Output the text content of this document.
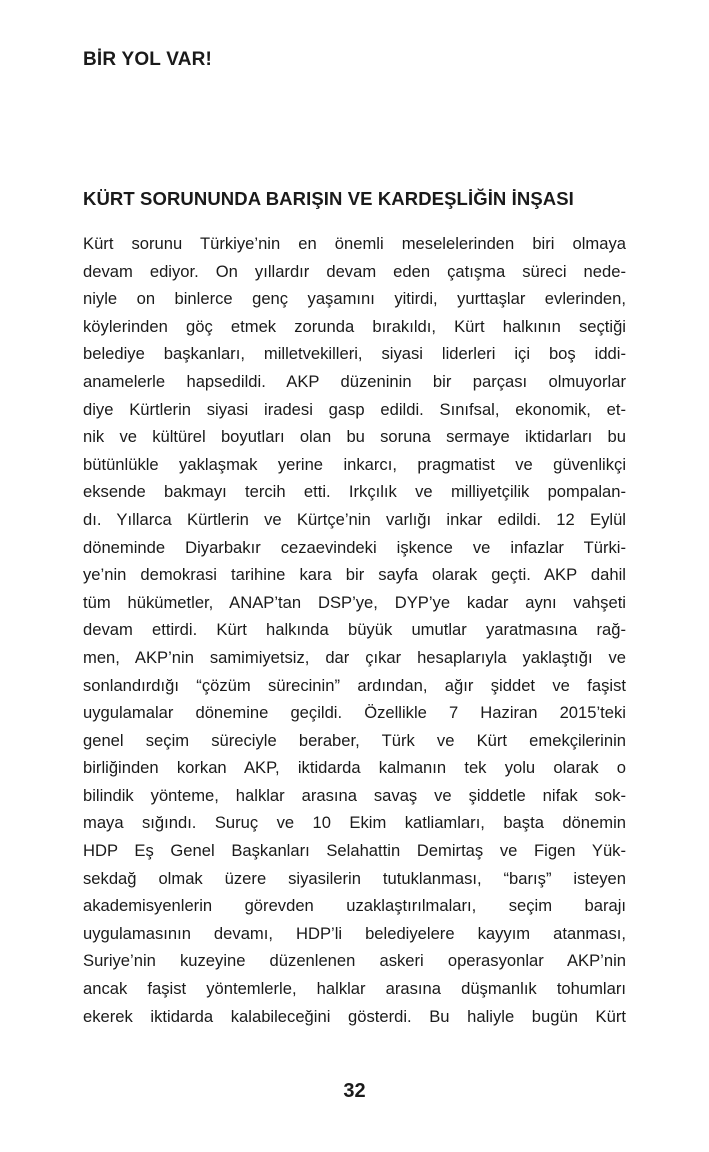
BİR YOL VAR!
KÜRT SORUNUNDA BARIŞIN VE KARDEŞLİĞİN İNŞASI
Kürt sorunu Türkiye’nin en önemli meselelerinden biri olmaya
devam ediyor. On yıllardır devam eden çatışma süreci nede-
niyle on binlerce genç yaşamını yitirdi, yurttaşlar evlerinden,
köylerinden göç etmek zorunda bırakıldı, Kürt halkının seçtiği
belediye başkanları, milletvekilleri, siyasi liderleri içi boş iddi-
anamelerle hapsedildi. AKP düzeninin bir parçası olmuyorlar
diye Kürtlerin siyasi iradesi gasp edildi. Sınıfsal, ekonomik, et-
nik ve kültürel boyutları olan bu soruna sermaye iktidarları bu
bütünlükle yaklaşmak yerine inkarcı, pragmatist ve güvenlikçi
eksende bakmayı tercih etti. Irkçılık ve milliyetçilik pompalan-
dı. Yıllarca Kürtlerin ve Kürtçe’nin varlığı inkar edildi. 12 Eylül
döneminde Diyarbakır cezaevindeki işkence ve infazlar Türki-
ye’nin demokrasi tarihine kara bir sayfa olarak geçti. AKP dahil
tüm hükümetler, ANAP’tan DSP’ye, DYP’ye kadar aynı vahşeti
devam ettirdi. Kürt halkında büyük umutlar yaratmasına rağ-
men, AKP’nin samimiyetsiz, dar çıkar hesaplarıyla yaklaştığı ve
sonlandırdığı “çözüm sürecinin” ardından, ağır şiddet ve faşist
uygulamalar dönemine geçildi. Özellikle 7 Haziran 2015’teki
genel seçim süreciyle beraber, Türk ve Kürt emekçilerinin
birliğinden korkan AKP, iktidarda kalmanın tek yolu olarak o
bilindik yönteme, halklar arasına savaş ve şiddetle nifak sok-
maya sığındı. Suruç ve 10 Ekim katliamları, başta dönemin
HDP Eş Genel Başkanları Selahattin Demirtaş ve Figen Yük-
sekdağ olmak üzere siyasilerin tutuklanması, “barış” isteyen
akademisyenlerin görevden uzaklaştırılmaları, seçim barajı
uygulamasının devamı, HDP’li belediyelere kayyım atanması,
Suriye’nin kuzeyine düzenlenen askeri operasyonlar AKP’nin
ancak faşist yöntemlerle, halklar arasına düşmanlık tohumları
ekerek iktidarda kalabileceğini gösterdi. Bu haliyle bugün Kürt
32
